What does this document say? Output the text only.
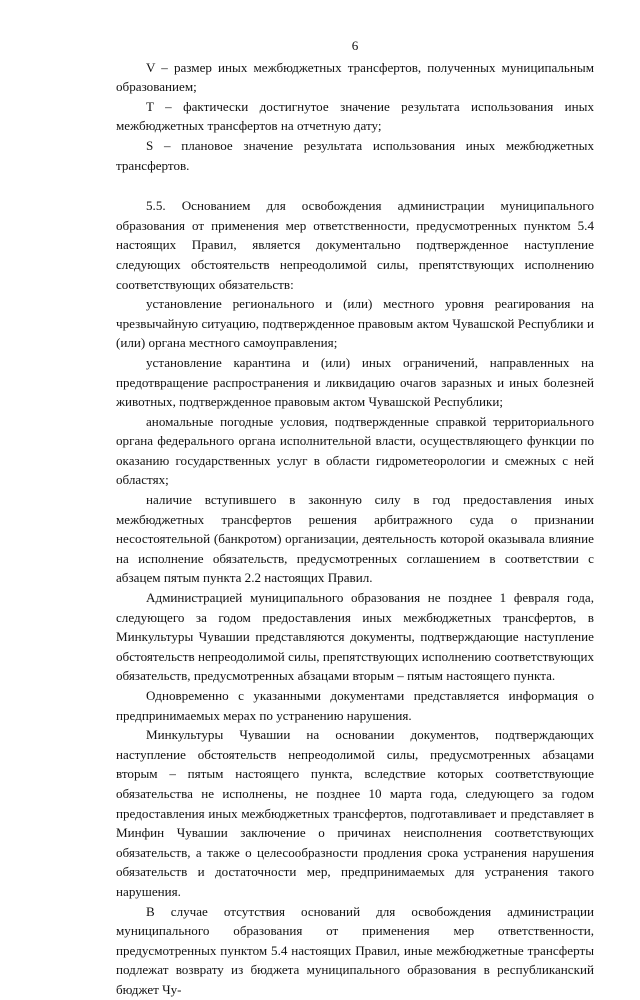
6

V – размер иных межбюджетных трансфертов, полученных муниципальным образованием;

T – фактически достигнутое значение результата использования иных межбюджетных трансфертов на отчетную дату;

S – плановое значение результата использования иных межбюджетных трансфертов.

5.5. Основанием для освобождения администрации муниципального образования от применения мер ответственности, предусмотренных пунктом 5.4 настоящих Правил, является документально подтвержденное наступление следующих обстоятельств непреодолимой силы, препятствующих исполнению соответствующих обязательств:

установление регионального и (или) местного уровня реагирования на чрезвычайную ситуацию, подтвержденное правовым актом Чувашской Республики и (или) органа местного самоуправления;

установление карантина и (или) иных ограничений, направленных на предотвращение распространения и ликвидацию очагов заразных и иных болезней животных, подтвержденное правовым актом Чувашской Республики;

аномальные погодные условия, подтвержденные справкой территориального органа федерального органа исполнительной власти, осуществляющего функции по оказанию государственных услуг в области гидрометеорологии и смежных с ней областях;

наличие вступившего в законную силу в год предоставления иных межбюджетных трансфертов решения арбитражного суда о признании несостоятельной (банкротом) организации, деятельность которой оказывала влияние на исполнение обязательств, предусмотренных соглашением в соответствии с абзацем пятым пункта 2.2 настоящих Правил.

Администрацией муниципального образования не позднее 1 февраля года, следующего за годом предоставления иных межбюджетных трансфертов, в Минкультуры Чувашии представляются документы, подтверждающие наступление обстоятельств непреодолимой силы, препятствующих исполнению соответствующих обязательств, предусмотренных абзацами вторым – пятым настоящего пункта.

Одновременно с указанными документами представляется информация о предпринимаемых мерах по устранению нарушения.

Минкультуры Чувашии на основании документов, подтверждающих наступление обстоятельств непреодолимой силы, предусмотренных абзацами вторым – пятым настоящего пункта, вследствие которых соответствующие обязательства не исполнены, не позднее 10 марта года, следующего за годом предоставления иных межбюджетных трансфертов, подготавливает и представляет в Минфин Чувашии заключение о причинах неисполнения соответствующих обязательств, а также о целесообразности продления срока устранения нарушения обязательств и достаточности мер, предпринимаемых для устранения такого нарушения.

В случае отсутствия оснований для освобождения администрации муниципального образования от применения мер ответственности, предусмотренных пунктом 5.4 настоящих Правил, иные межбюджетные трансферты подлежат возврату из бюджета муниципального образования в республиканский бюджет Чу-
